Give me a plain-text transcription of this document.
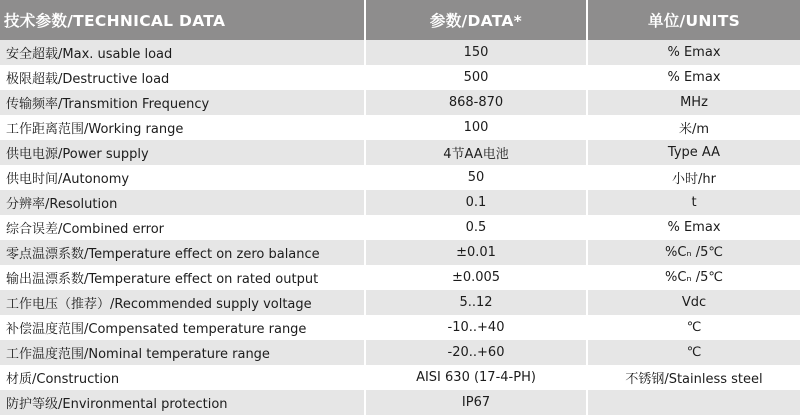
技术参数/TECHNICAL DATA	参数/DATA*	单位/UNITS
安全超载/Max. usable load	150	% Emax
极限超载/Destructive load	500	% Emax
传输频率/Transmition Frequency	868-870	MHz
工作距离范围/Working range	100	米/m
供电电源/Power supply	4节AA电池	Type AA
供电时间/Autonomy	50	小时/hr
分辨率/Resolution	0.1	t
综合误差/Combined error	0.5	% Emax
零点温漂系数/Temperature effect on zero balance	±0.01	%Cₙ /5℃
输出温漂系数/Temperature effect on rated output	±0.005	%Cₙ /5℃
工作电压（推荐）/Recommended supply voltage	5..12	Vdc
补偿温度范围/Compensated temperature range	-10..+40	℃
工作温度范围/Nominal temperature range	-20..+60	℃
材质/Construction	AISI 630 (17-4-PH)	不锈钢/Stainless steel
防护等级/Environmental protection	IP67
